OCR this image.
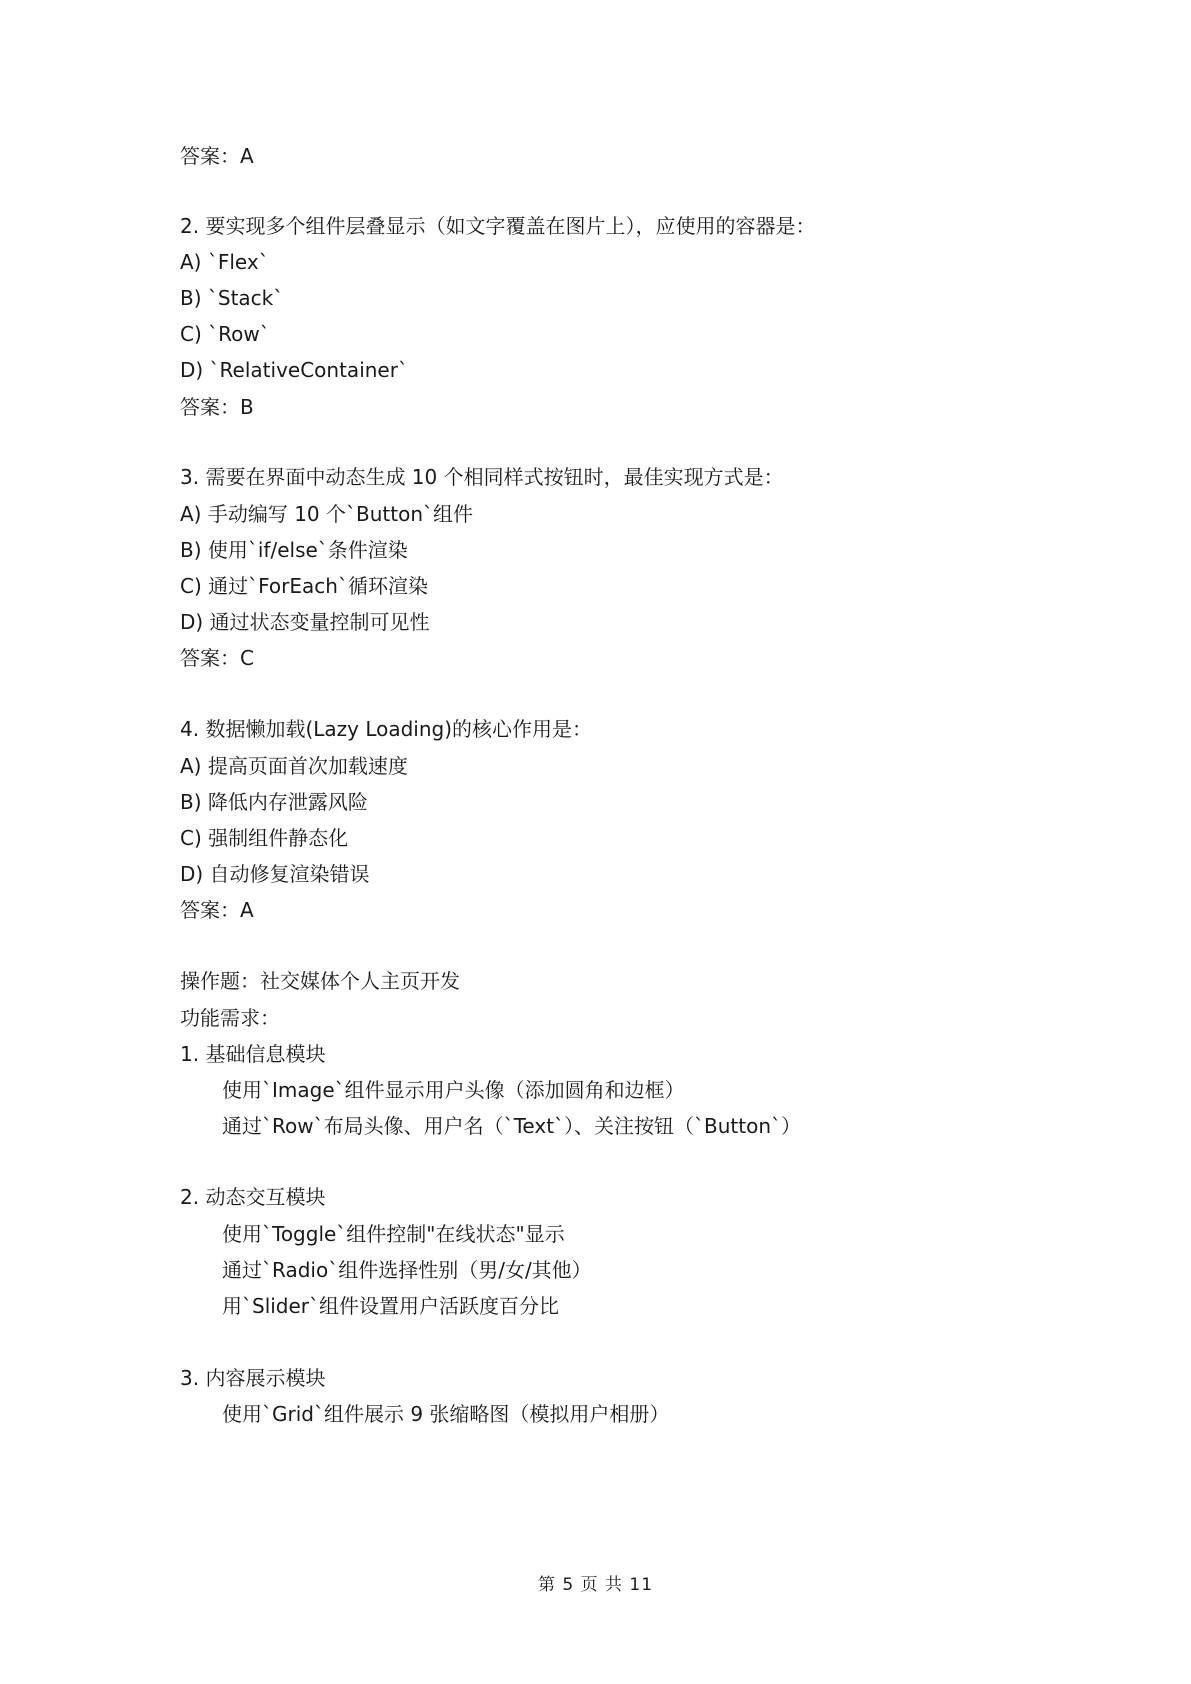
答案：A
2. 要实现多个组件层叠显示（如文字覆盖在图片上），应使用的容器是：
A) `Flex`
B) `Stack`
C) `Row`
D) `RelativeContainer`
答案：B
3. 需要在界面中动态生成 10 个相同样式按钮时，最佳实现方式是：
A) 手动编写 10 个`Button`组件
B) 使用`if/else`条件渲染
C) 通过`ForEach`循环渲染
D) 通过状态变量控制可见性
答案：C
4. 数据懒加载(Lazy Loading)的核心作用是：
A) 提高页面首次加载速度
B) 降低内存泄露风险
C) 强制组件静态化
D) 自动修复渲染错误
答案：A
操作题：社交媒体个人主页开发
功能需求：
1. 基础信息模块
使用`Image`组件显示用户头像（添加圆角和边框）
通过`Row`布局头像、用户名（`Text`）、关注按钮（`Button`）
2. 动态交互模块
使用`Toggle`组件控制"在线状态"显示
通过`Radio`组件选择性别（男/女/其他）
用`Slider`组件设置用户活跃度百分比
3. 内容展示模块
使用`Grid`组件展示 9 张缩略图（模拟用户相册）
第 5 页 共 11
